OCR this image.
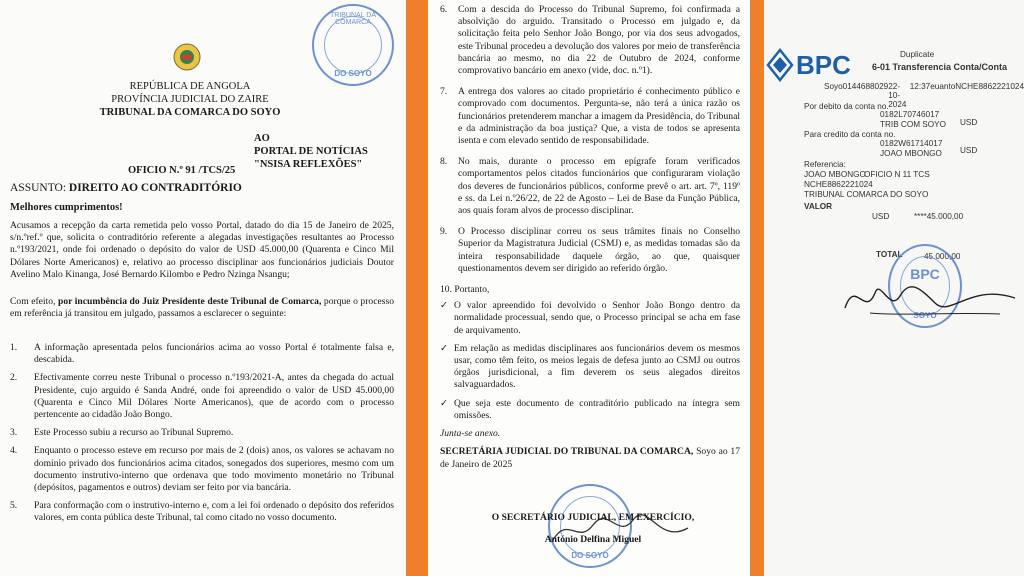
TRIBUNAL DA COMARCA
DO SOYO
REPÚBLICA DE ANGOLA
PROVÍNCIA JUDICIAL DO ZAIRE
TRIBUNAL DA COMARCA DO SOYO
AO
PORTAL DE NOTÍCIAS
"NSISA REFLEXÕES"
OFICIO N.º 91 /TCS/25
ASSUNTO: DIREITO AO CONTRADITÓRIO
Melhores cumprimentos!
Acusamos a recepção da carta remetida pelo vosso Portal, datado do dia 15 de Janeiro de 2025, s/n.ºref.º que, solicita o contraditório referente a alegadas investigações resultantes ao Processo n.º193/2021, onde foi ordenado o depósito do valor de USD 45.000,00 (Quarenta e Cinco Mil Dólares Norte Americanos) e, relativo ao processo disciplinar aos funcionários judiciais Doutor Avelino Malo Kinanga, José Bernardo Kilombo e Pedro Nzinga Nsangu;
Com efeito, por incumbência do Juiz Presidente deste Tribunal de Comarca, porque o processo em referência já transitou em julgado, passamos a esclarecer o seguinte:
1.	A informação apresentada pelos funcionários acima ao vosso Portal é totalmente falsa e, descabida.
2.	Efectivamente correu neste Tribunal o processo n.º193/2021-A, antes da chegada do actual Presidente, cujo arguido é Sanda André, onde foi apreendido o valor de USD 45.000,00 (Quarenta e Cinco Mil Dólares Norte Americanos), que de acordo com o processo pertencente ao cidadão João Bongo.
3.	Este Processo subiu a recurso ao Tribunal Supremo.
4.	Enquanto o processo esteve em recurso por mais de 2 (dois) anos, os valores se achavam no domínio privado dos funcionários acima citados, sonegados dos superiores, mesmo com um documento instrutivo-interno que ordenava que todo movimento monetário no Tribunal (depósitos, pagamentos e outros) deviam ser feito por via bancária.
5.	Para conformação com o instrutivo-interno e, com a lei foi ordenado o depósito dos referidos valores, em conta pública deste Tribunal, tal como citado no vosso documento.
6.	Com a descida do Processo do Tribunal Supremo, foi confirmada a absolvição do arguido. Transitado o Processo em julgado e, da solicitação feita pelo Senhor João Bongo, por via dos seus advogados, este Tribunal procedeu a devolução dos valores por meio de transferência bancária ao mesmo, no dia 22 de Outubro de 2024, conforme comprovativo bancário em anexo (vide, doc. n.º1).
7.	A entrega dos valores ao citado proprietário é conhecimento público e comprovado com documentos. Pergunta-se, não terá a única razão os funcionários pretenderem manchar a imagem da Presidência, do Tribunal e da administração da boa justiça? Que, a vista de todos se apresenta isenta e com elevado sentido de responsabilidade.
8.	No mais, durante o processo em epígrafe foram verificados comportamentos pelos citados funcionários que configuraram violação dos deveres de funcionários públicos, conforme prevê o art. art. 7º, 119º e ss. da Lei n.º26/22, de 22 de Agosto – Lei de Base da Função Pública, aos quais foram alvos de processo disciplinar.
9.	O Processo disciplinar correu os seus trâmites finais no Conselho Superior da Magistratura Judicial (CSMJ) e, as medidas tomadas são da inteira responsabilidade daquele órgão, ao que, quaisquer questionamentos devem ser dirigido ao referido órgão.
10. Portanto,
✓ O valor apreendido foi devolvido o Senhor João Bongo dentro da normalidade processual, sendo que, o Processo principal se acha em fase de arquivamento.
✓ Em relação as medidas disciplinares aos funcionários devem os mesmos usar, como têm feito, os meios legais de defesa junto ao CSMJ ou outros órgãos jurisdicional, a fim deverem os seus alegados direitos salvaguardados.
✓ Que seja este documento de contraditório publicado na íntegra sem omissões.
Junta-se anexo.
SECRETÁRIA JUDICIAL DO TRIBUNAL DA COMARCA, Soyo ao 17 de Janeiro de 2025
DO SOYO
O SECRETÁRIO JUDICIAL, EM EXERCÍCIO,
António Delfina Miguel
BPC	Duplicate
6-01 Transferencia Conta/Conta
Soyo 0144688029 22-10-2024
12:37 euanto NCHE8862221024
Por debito da conta no.
0182L70746017
TRIB COM SOYO USD
Para credito da conta no.
0182W61714017
JOAO MBONGO USD
Referencia:
OFICIO N 11 TCS
JOAO MBONGO
NCHE8862221024
TRIBUNAL COMARCA DO SOYO
VALOR
USD	****45.000,00
TOTAL	45.000,00
BPC
SOYO
